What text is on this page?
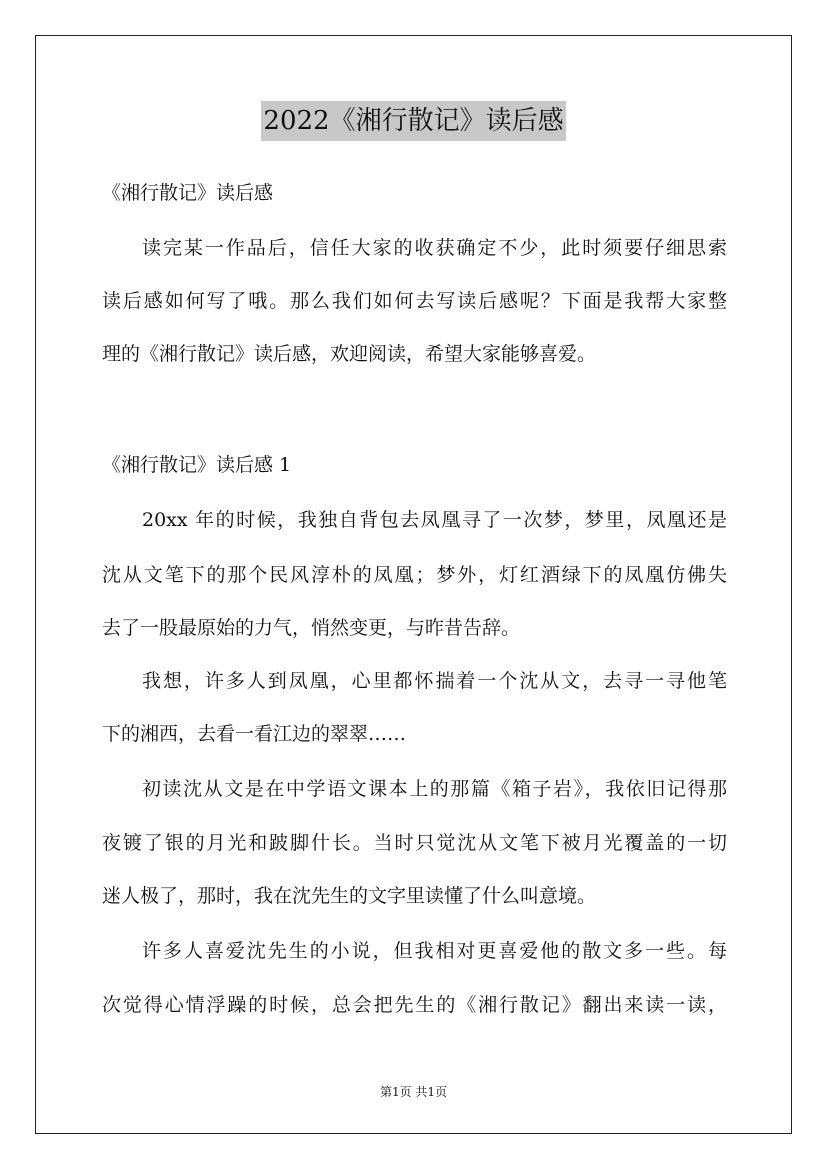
2022《湘行散记》读后感
《湘行散记》读后感
读完某一作品后，信任大家的收获确定不少，此时须要仔细思索
读后感如何写了哦。那么我们如何去写读后感呢？下面是我帮大家整
理的《湘行散记》读后感，欢迎阅读，希望大家能够喜爱。
《湘行散记》读后感 1
20xx 年的时候，我独自背包去凤凰寻了一次梦，梦里，凤凰还是
沈从文笔下的那个民风淳朴的凤凰；梦外，灯红酒绿下的凤凰仿佛失
去了一股最原始的力气，悄然变更，与昨昔告辞。
我想，许多人到凤凰，心里都怀揣着一个沈从文，去寻一寻他笔
下的湘西，去看一看江边的翠翠……
初读沈从文是在中学语文课本上的那篇《箱子岩》，我依旧记得那
夜镀了银的月光和跛脚什长。当时只觉沈从文笔下被月光覆盖的一切
迷人极了，那时，我在沈先生的文字里读懂了什么叫意境。
许多人喜爱沈先生的小说，但我相对更喜爱他的散文多一些。每
次觉得心情浮躁的时候，总会把先生的《湘行散记》翻出来读一读，
第1页 共1页
